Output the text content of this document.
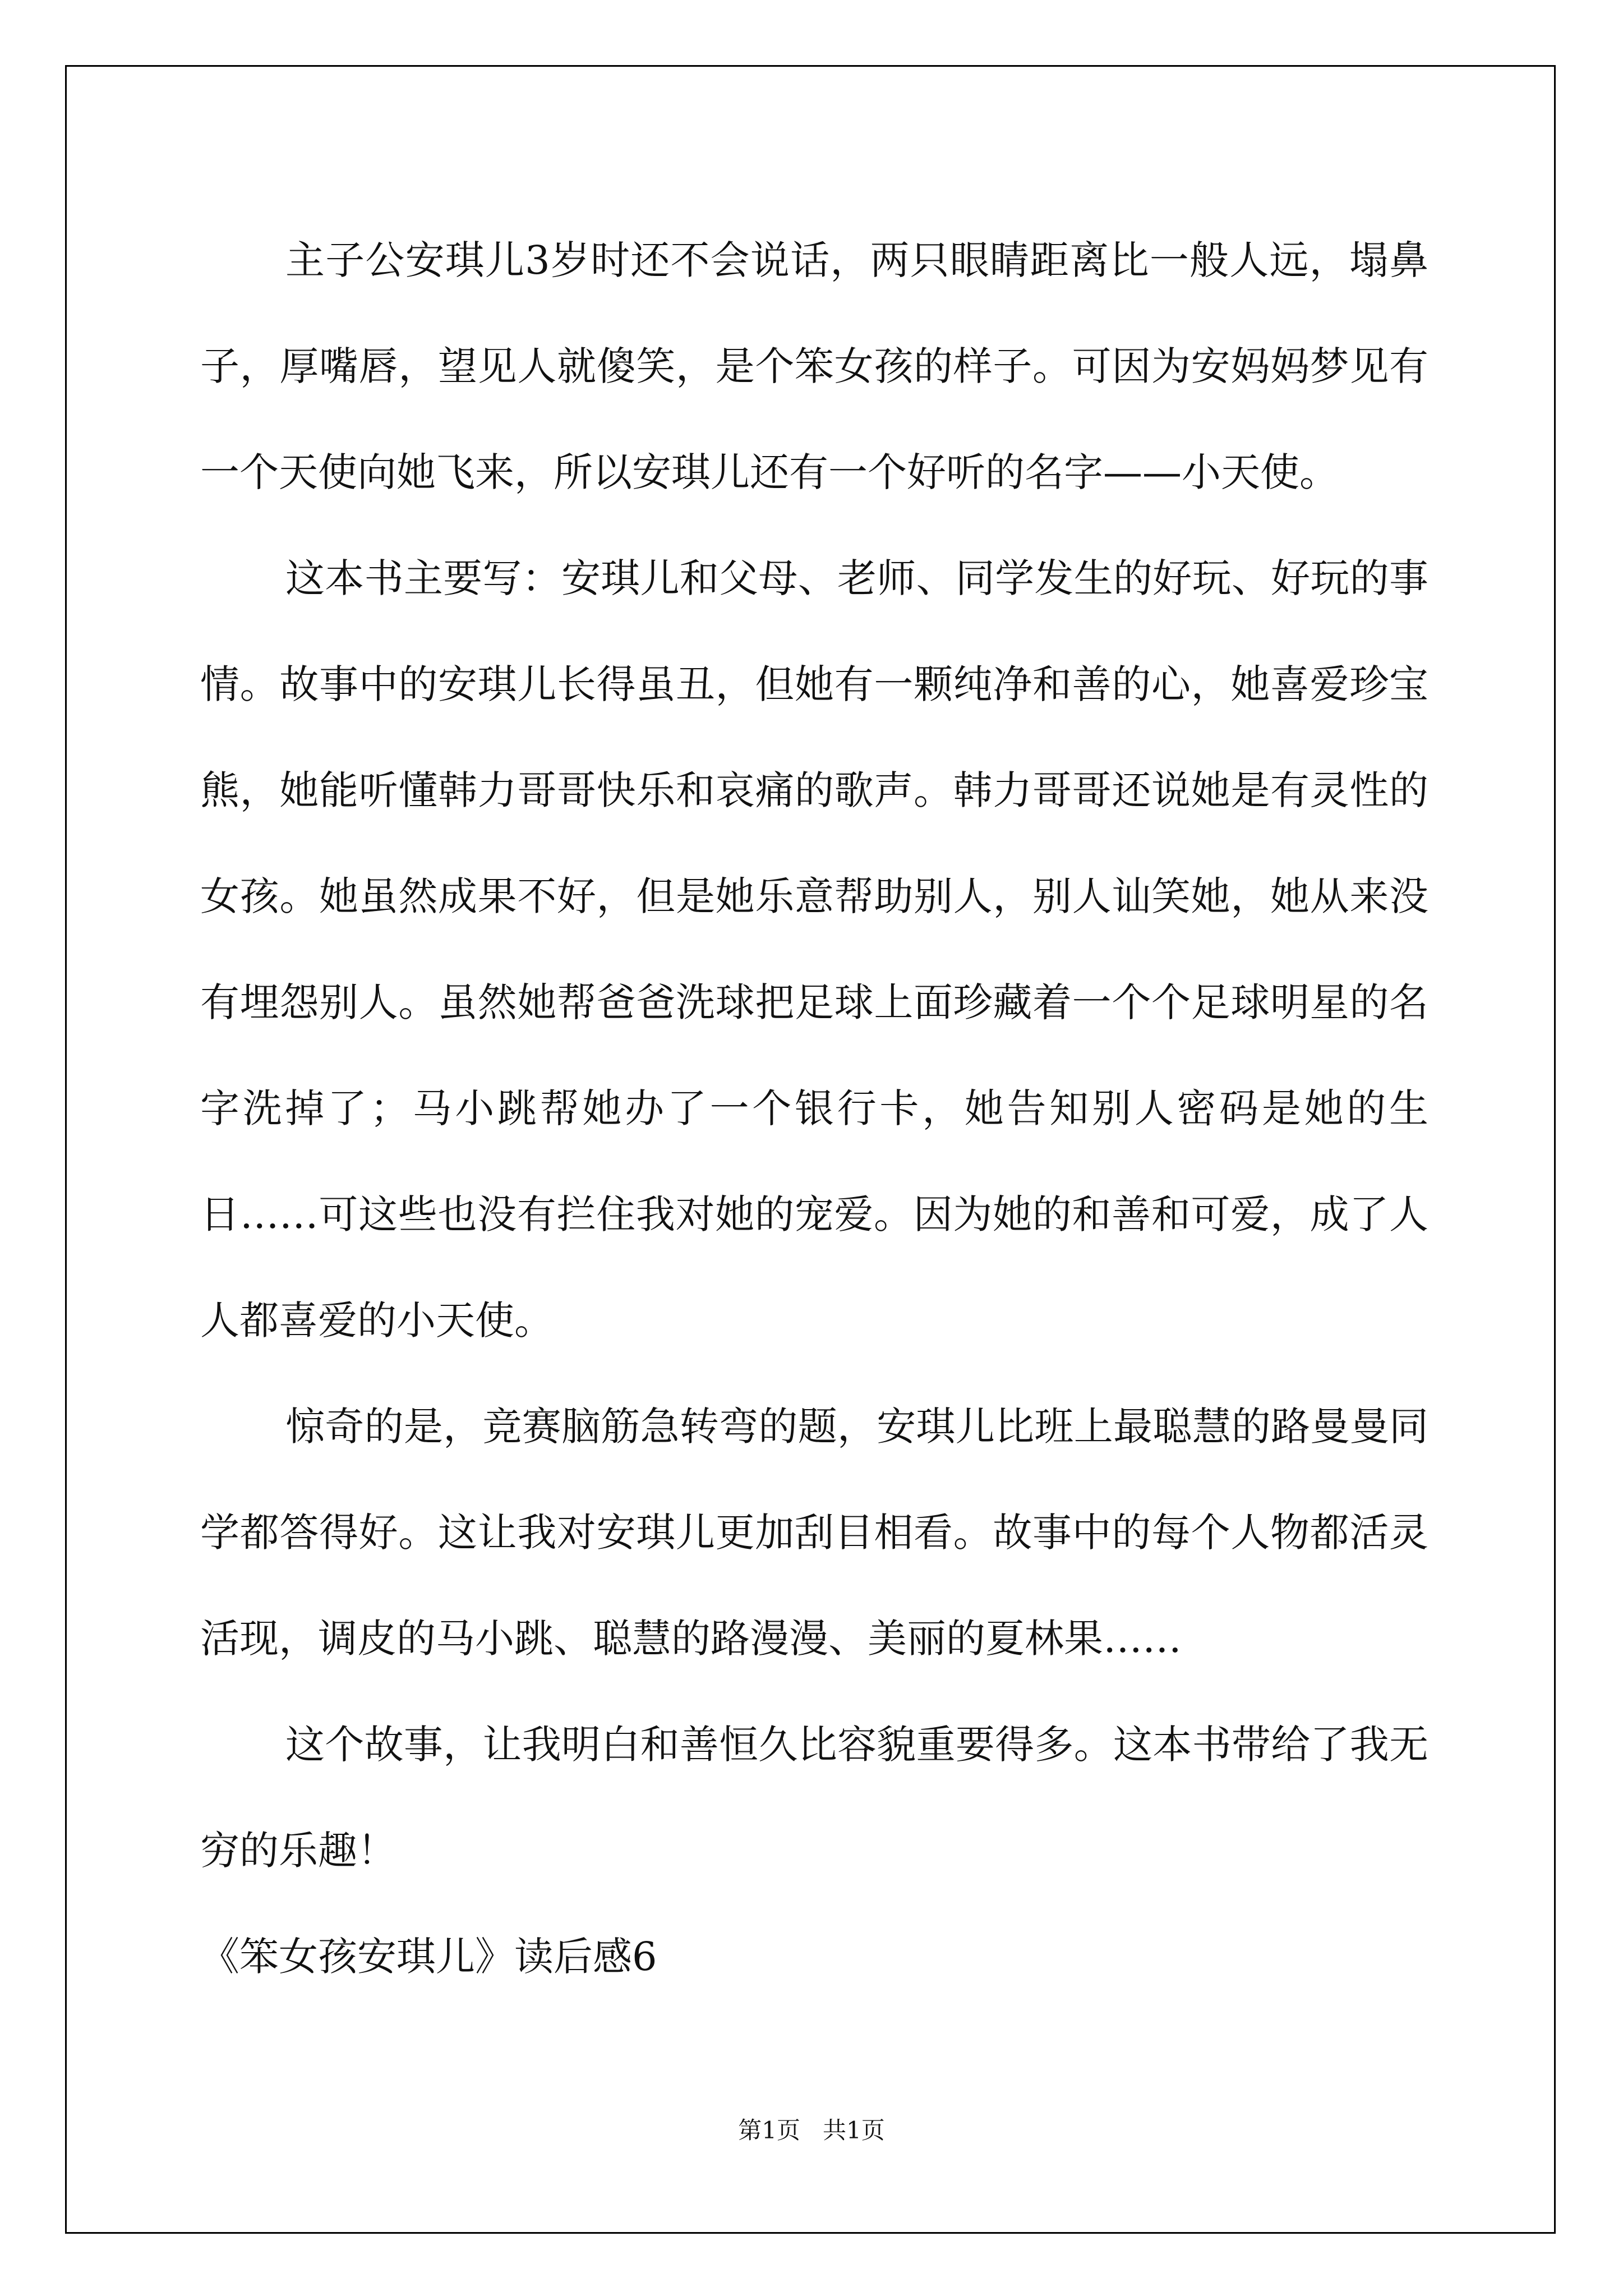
主子公安琪儿3岁时还不会说话，两只眼睛距离比一般人远，塌鼻子，厚嘴唇，望见人就傻笑，是个笨女孩的样子。可因为安妈妈梦见有一个天使向她飞来，所以安琪儿还有一个好听的名字——小天使。

这本书主要写：安琪儿和父母、老师、同学发生的好玩、好玩的事情。故事中的安琪儿长得虽丑，但她有一颗纯净和善的心，她喜爱珍宝熊，她能听懂韩力哥哥快乐和哀痛的歌声。韩力哥哥还说她是有灵性的女孩。她虽然成果不好，但是她乐意帮助别人，别人讪笑她，她从来没有埋怨别人。虽然她帮爸爸洗球把足球上面珍藏着一个个足球明星的名字洗掉了；马小跳帮她办了一个银行卡，她告知别人密码是她的生日……可这些也没有拦住我对她的宠爱。因为她的和善和可爱，成了人人都喜爱的小天使。

惊奇的是，竞赛脑筋急转弯的题，安琪儿比班上最聪慧的路曼曼同学都答得好。这让我对安琪儿更加刮目相看。故事中的每个人物都活灵活现，调皮的马小跳、聪慧的路漫漫、美丽的夏林果……

这个故事，让我明白和善恒久比容貌重要得多。这本书带给了我无穷的乐趣！

《笨女孩安琪儿》读后感6

第1页   共1页
